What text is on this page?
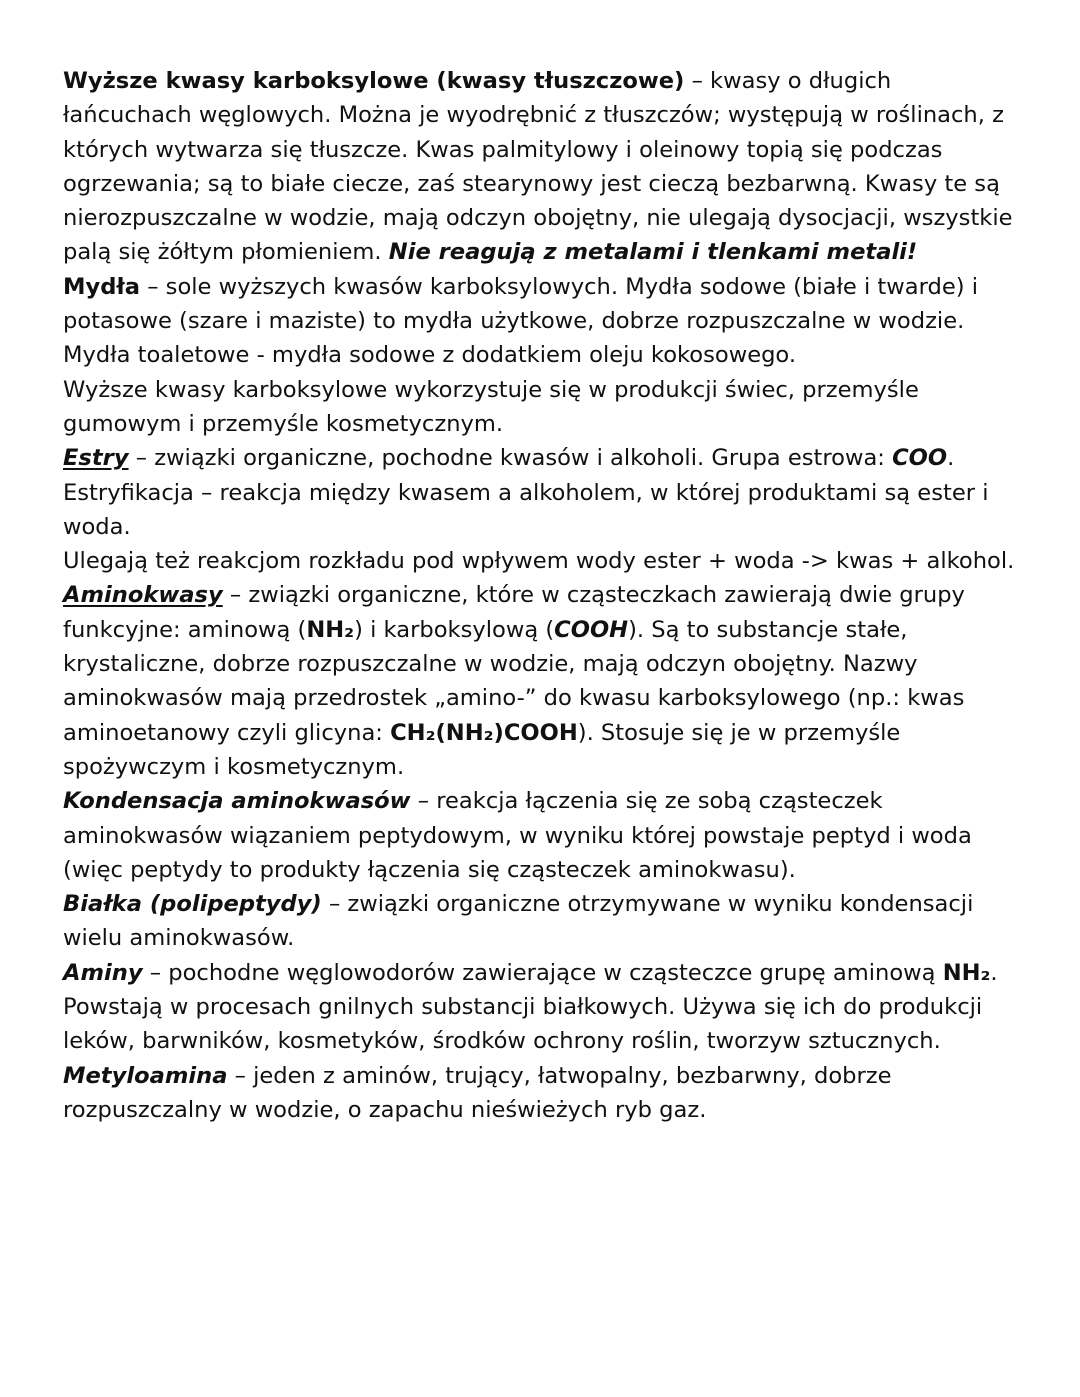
Wyższe kwasy karboksylowe (kwasy tłuszczowe) – kwasy o długich łańcuchach węglowych. Można je wyodrębnić z tłuszczów; występują w roślinach, z których wytwarza się tłuszcze. Kwas palmitylowy i oleinowy topią się podczas ogrzewania; są to białe ciecze, zaś stearynowy jest cieczą bezbarwną. Kwasy te są nierozpuszczalne w wodzie, mają odczyn obojętny, nie ulegają dysocjacji, wszystkie palą się żółtym płomieniem. Nie reagują z metalami i tlenkami metali!

Mydła – sole wyższych kwasów karboksylowych. Mydła sodowe (białe i twarde) i potasowe (szare i maziste) to mydła użytkowe, dobrze rozpuszczalne w wodzie.

Mydła toaletowe - mydła sodowe z dodatkiem oleju kokosowego.

Wyższe kwasy karboksylowe wykorzystuje się w produkcji świec, przemyśle gumowym i przemyśle kosmetycznym.

Estry – związki organiczne, pochodne kwasów i alkoholi. Grupa estrowa: COO.

Estryfikacja – reakcja między kwasem a alkoholem, w której produktami są ester i woda.

Ulegają też reakcjom rozkładu pod wpływem wody ester + woda -> kwas + alkohol.

Aminokwasy – związki organiczne, które w cząsteczkach zawierają dwie grupy funkcyjne: aminową (NH₂) i karboksylową (COOH). Są to substancje stałe, krystaliczne, dobrze rozpuszczalne w wodzie, mają odczyn obojętny. Nazwy aminokwasów mają przedrostek „amino-” do kwasu karboksylowego (np.: kwas aminoetanowy czyli glicyna: CH₂(NH₂)COOH). Stosuje się je w przemyśle spożywczym i kosmetycznym.

Kondensacja aminokwasów – reakcja łączenia się ze sobą cząsteczek aminokwasów wiązaniem peptydowym, w wyniku której powstaje peptyd i woda (więc peptydy to produkty łączenia się cząsteczek aminokwasu).

Białka (polipeptydy) – związki organiczne otrzymywane w wyniku kondensacji wielu aminokwasów.

Aminy – pochodne węglowodorów zawierające w cząsteczce grupę aminową NH₂. Powstają w procesach gnilnych substancji białkowych. Używa się ich do produkcji leków, barwników, kosmetyków, środków ochrony roślin, tworzyw sztucznych.

Metyloamina – jeden z aminów, trujący, łatwopalny, bezbarwny, dobrze rozpuszczalny w wodzie, o zapachu nieświeżych ryb gaz.
